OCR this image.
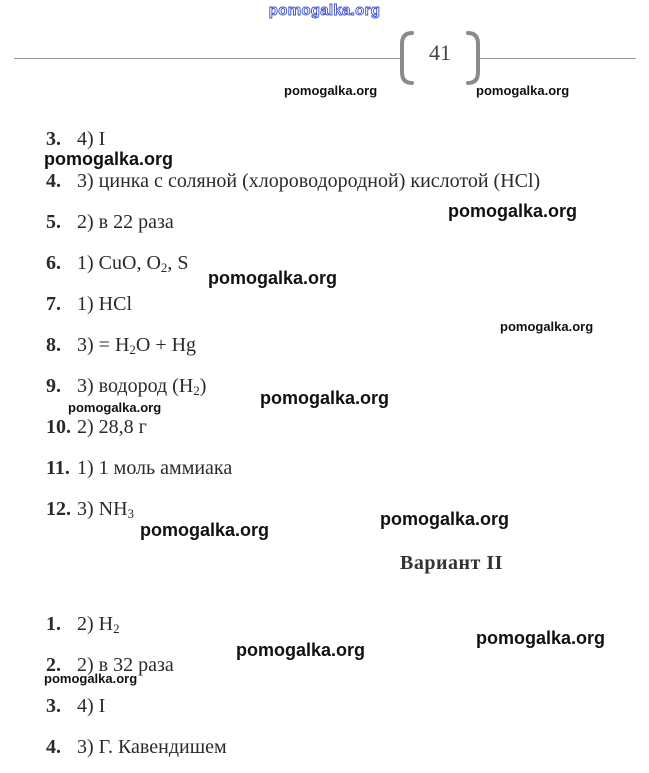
pomogalka.org
41
3. 4) I
4. 3) цинка с соляной (хлороводородной) кислотой (HCl)
5. 2) в 22 раза
6. 1) CuO, $O_2$, S
7. 1) HCl
8. $3) = H_2O + Hg$
9. 3) водород $(H_2)$
10. 2) 28,8 г
11. 1) 1 моль аммиака
12. 3) $NH_3$
Вариант II
1. 2) $H_2$
2. 2) в 32 раза
3. 4) I
4. 3) Г. Кавендишем
pomogalka.org	pomogalka.org
pomogalka.org
pomogalka.org
pomogalka.org
pomogalka.org
pomogalka.org
pomogalka.org
pomogalka.org
pomogalka.org
pomogalka.org
pomogalka.org
pomogalka.org
